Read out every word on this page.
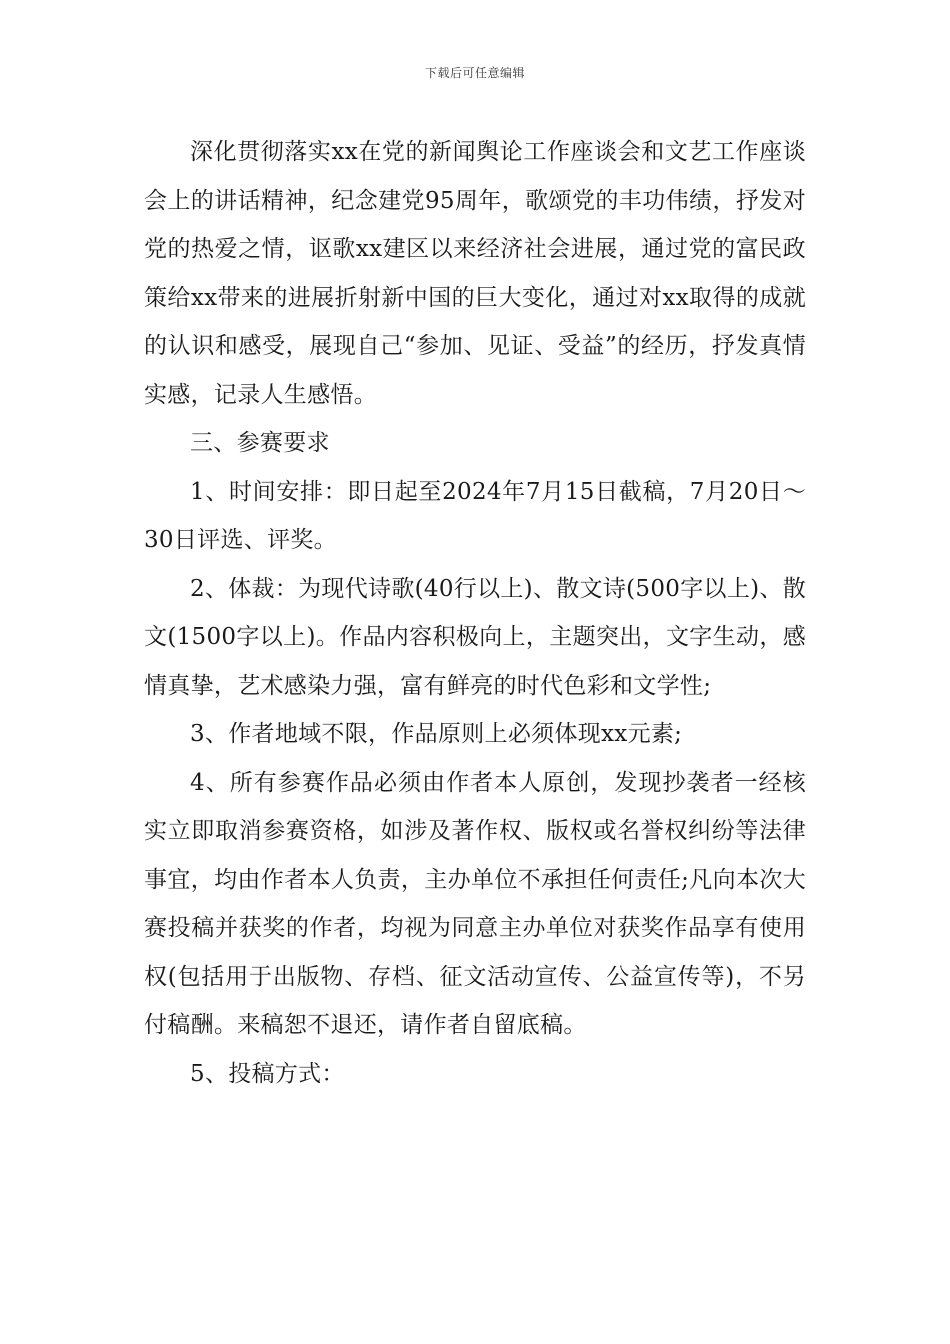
下载后可任意编辑

深化贯彻落实xx在党的新闻舆论工作座谈会和文艺工作座谈会上的讲话精神，纪念建党95周年，歌颂党的丰功伟绩，抒发对党的热爱之情，讴歌xx建区以来经济社会进展，通过党的富民政策给xx带来的进展折射新中国的巨大变化，通过对xx取得的成就的认识和感受，展现自己“参加、见证、受益”的经历，抒发真情实感，记录人生感悟。

三、参赛要求

1、时间安排：即日起至2024年7月15日截稿，7月20日～30日评选、评奖。

2、体裁：为现代诗歌(40行以上)、散文诗(500字以上)、散文(1500字以上)。作品内容积极向上，主题突出，文字生动，感情真挚，艺术感染力强，富有鲜亮的时代色彩和文学性;

3、作者地域不限，作品原则上必须体现xx元素;

4、所有参赛作品必须由作者本人原创，发现抄袭者一经核实立即取消参赛资格，如涉及著作权、版权或名誉权纠纷等法律事宜，均由作者本人负责，主办单位不承担任何责任;凡向本次大赛投稿并获奖的作者，均视为同意主办单位对获奖作品享有使用权(包括用于出版物、存档、征文活动宣传、公益宣传等)，不另付稿酬。来稿恕不退还，请作者自留底稿。

5、投稿方式：
